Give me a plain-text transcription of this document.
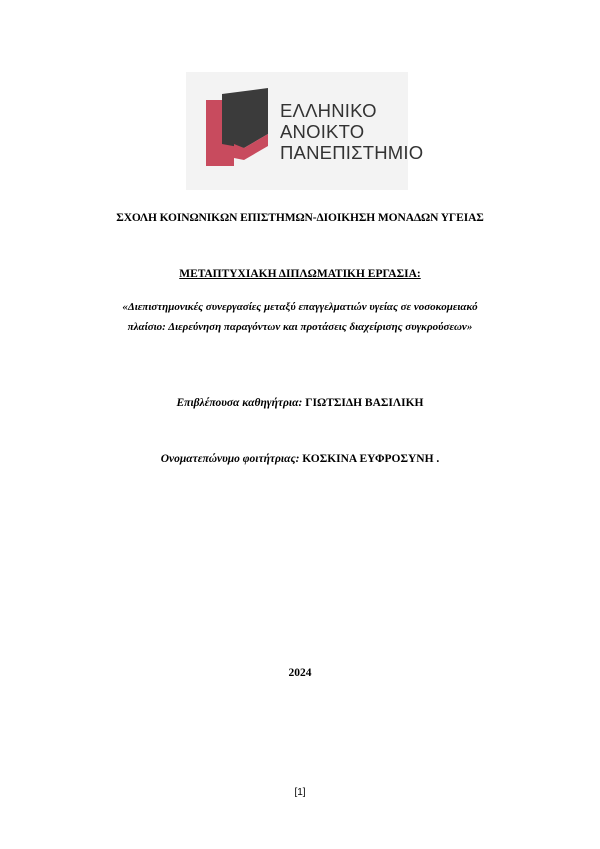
ΕΛΛΗΝΙΚΟ
ΑΝΟΙΚΤΟ
ΠΑΝΕΠΙΣΤΗΜΙΟ
ΣΧΟΛΗ ΚΟΙΝΩΝΙΚΩΝ ΕΠΙΣΤΗΜΩΝ-ΔΙΟΙΚΗΣΗ ΜΟΝΑΔΩΝ ΥΓΕΙΑΣ
ΜΕΤΑΠΤΥΧΙΑΚΗ ΔΙΠΛΩΜΑΤΙΚΗ ΕΡΓΑΣΙΑ:
«Διεπιστημονικές συνεργασίες μεταξύ επαγγελματιών υγείας σε νοσοκομειακό
πλαίσιο: Διερεύνηση παραγόντων και προτάσεις διαχείρισης συγκρούσεων»
Επιβλέπουσα καθηγήτρια: ΓΙΩΤΣΙΔΗ ΒΑΣΙΛΙΚΗ
Ονοματεπώνυμο φοιτήτριας: ΚΟΣΚΙΝΑ ΕΥΦΡΟΣΥΝΗ .
2024
[1]
